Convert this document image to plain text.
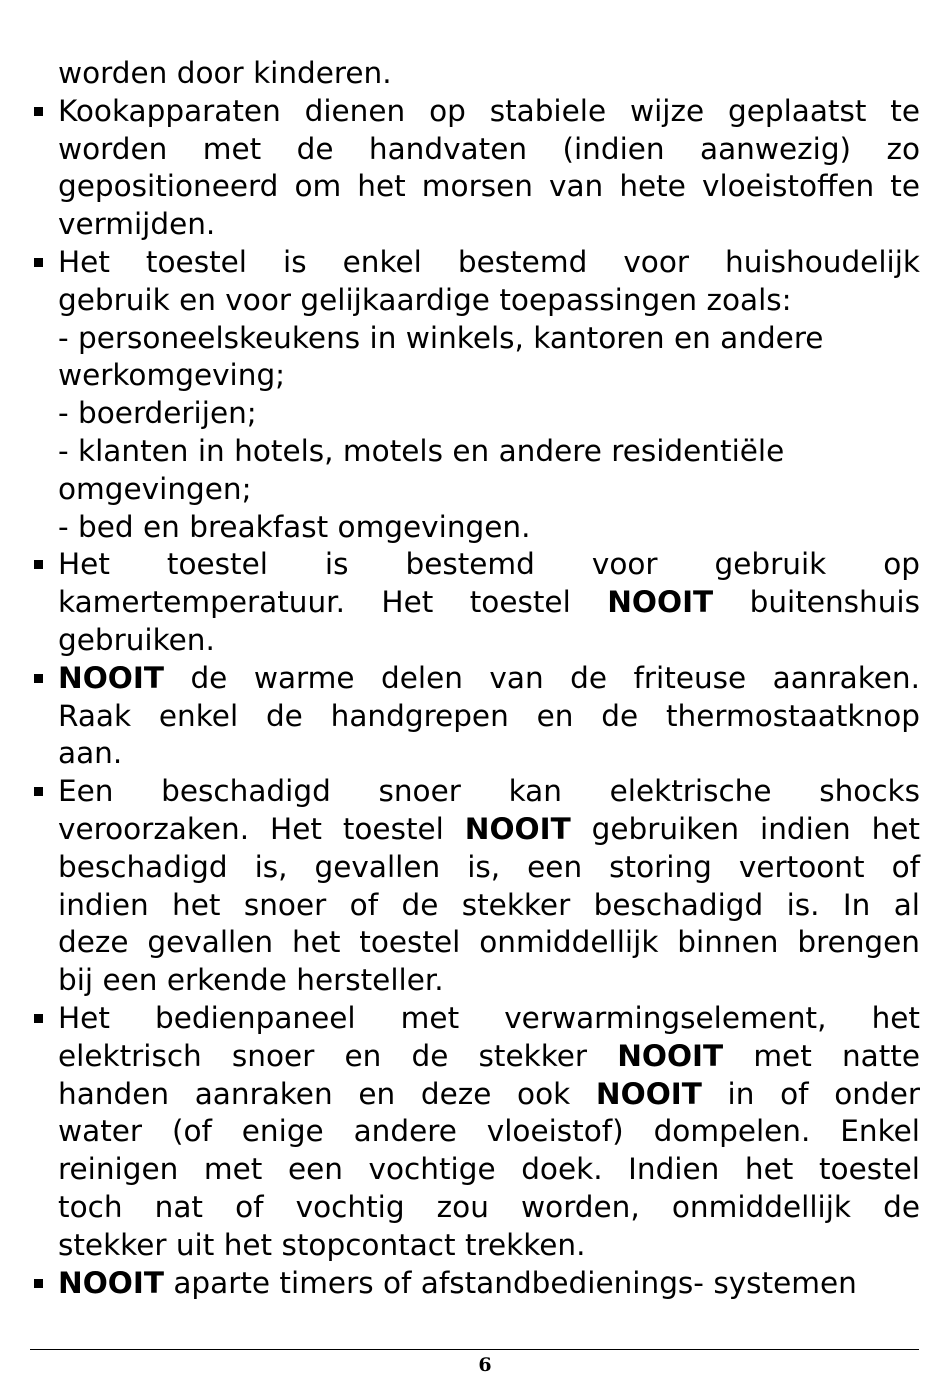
worden door kinderen.
Kookapparaten dienen op stabiele wijze geplaatst te
worden met de handvaten (indien aanwezig) zo
gepositioneerd om het morsen van hete vloeistoffen te
vermijden.
Het toestel is enkel bestemd voor huishoudelijk
gebruik en voor gelijkaardige toepassingen zoals:
- personeelskeukens in winkels, kantoren en andere
werkomgeving;
- boerderijen;
- klanten in hotels, motels en andere residentiële
omgevingen;
- bed en breakfast omgevingen.
Het toestel is bestemd voor gebruik op
kamertemperatuur. Het toestel NOOIT buitenshuis
gebruiken.
NOOIT de warme delen van de friteuse aanraken.
Raak enkel de handgrepen en de thermostaatknop
aan.
Een beschadigd snoer kan elektrische shocks
veroorzaken. Het toestel NOOIT gebruiken indien het
beschadigd is, gevallen is, een storing vertoont of
indien het snoer of de stekker beschadigd is. In al
deze gevallen het toestel onmiddellijk binnen brengen
bij een erkende hersteller.
Het bedienpaneel met verwarmingselement, het
elektrisch snoer en de stekker NOOIT met natte
handen aanraken en deze ook NOOIT in of onder
water (of enige andere vloeistof) dompelen. Enkel
reinigen met een vochtige doek. Indien het toestel
toch nat of vochtig zou worden, onmiddellijk de
stekker uit het stopcontact trekken.
NOOIT aparte timers of afstandbedienings- systemen
6
